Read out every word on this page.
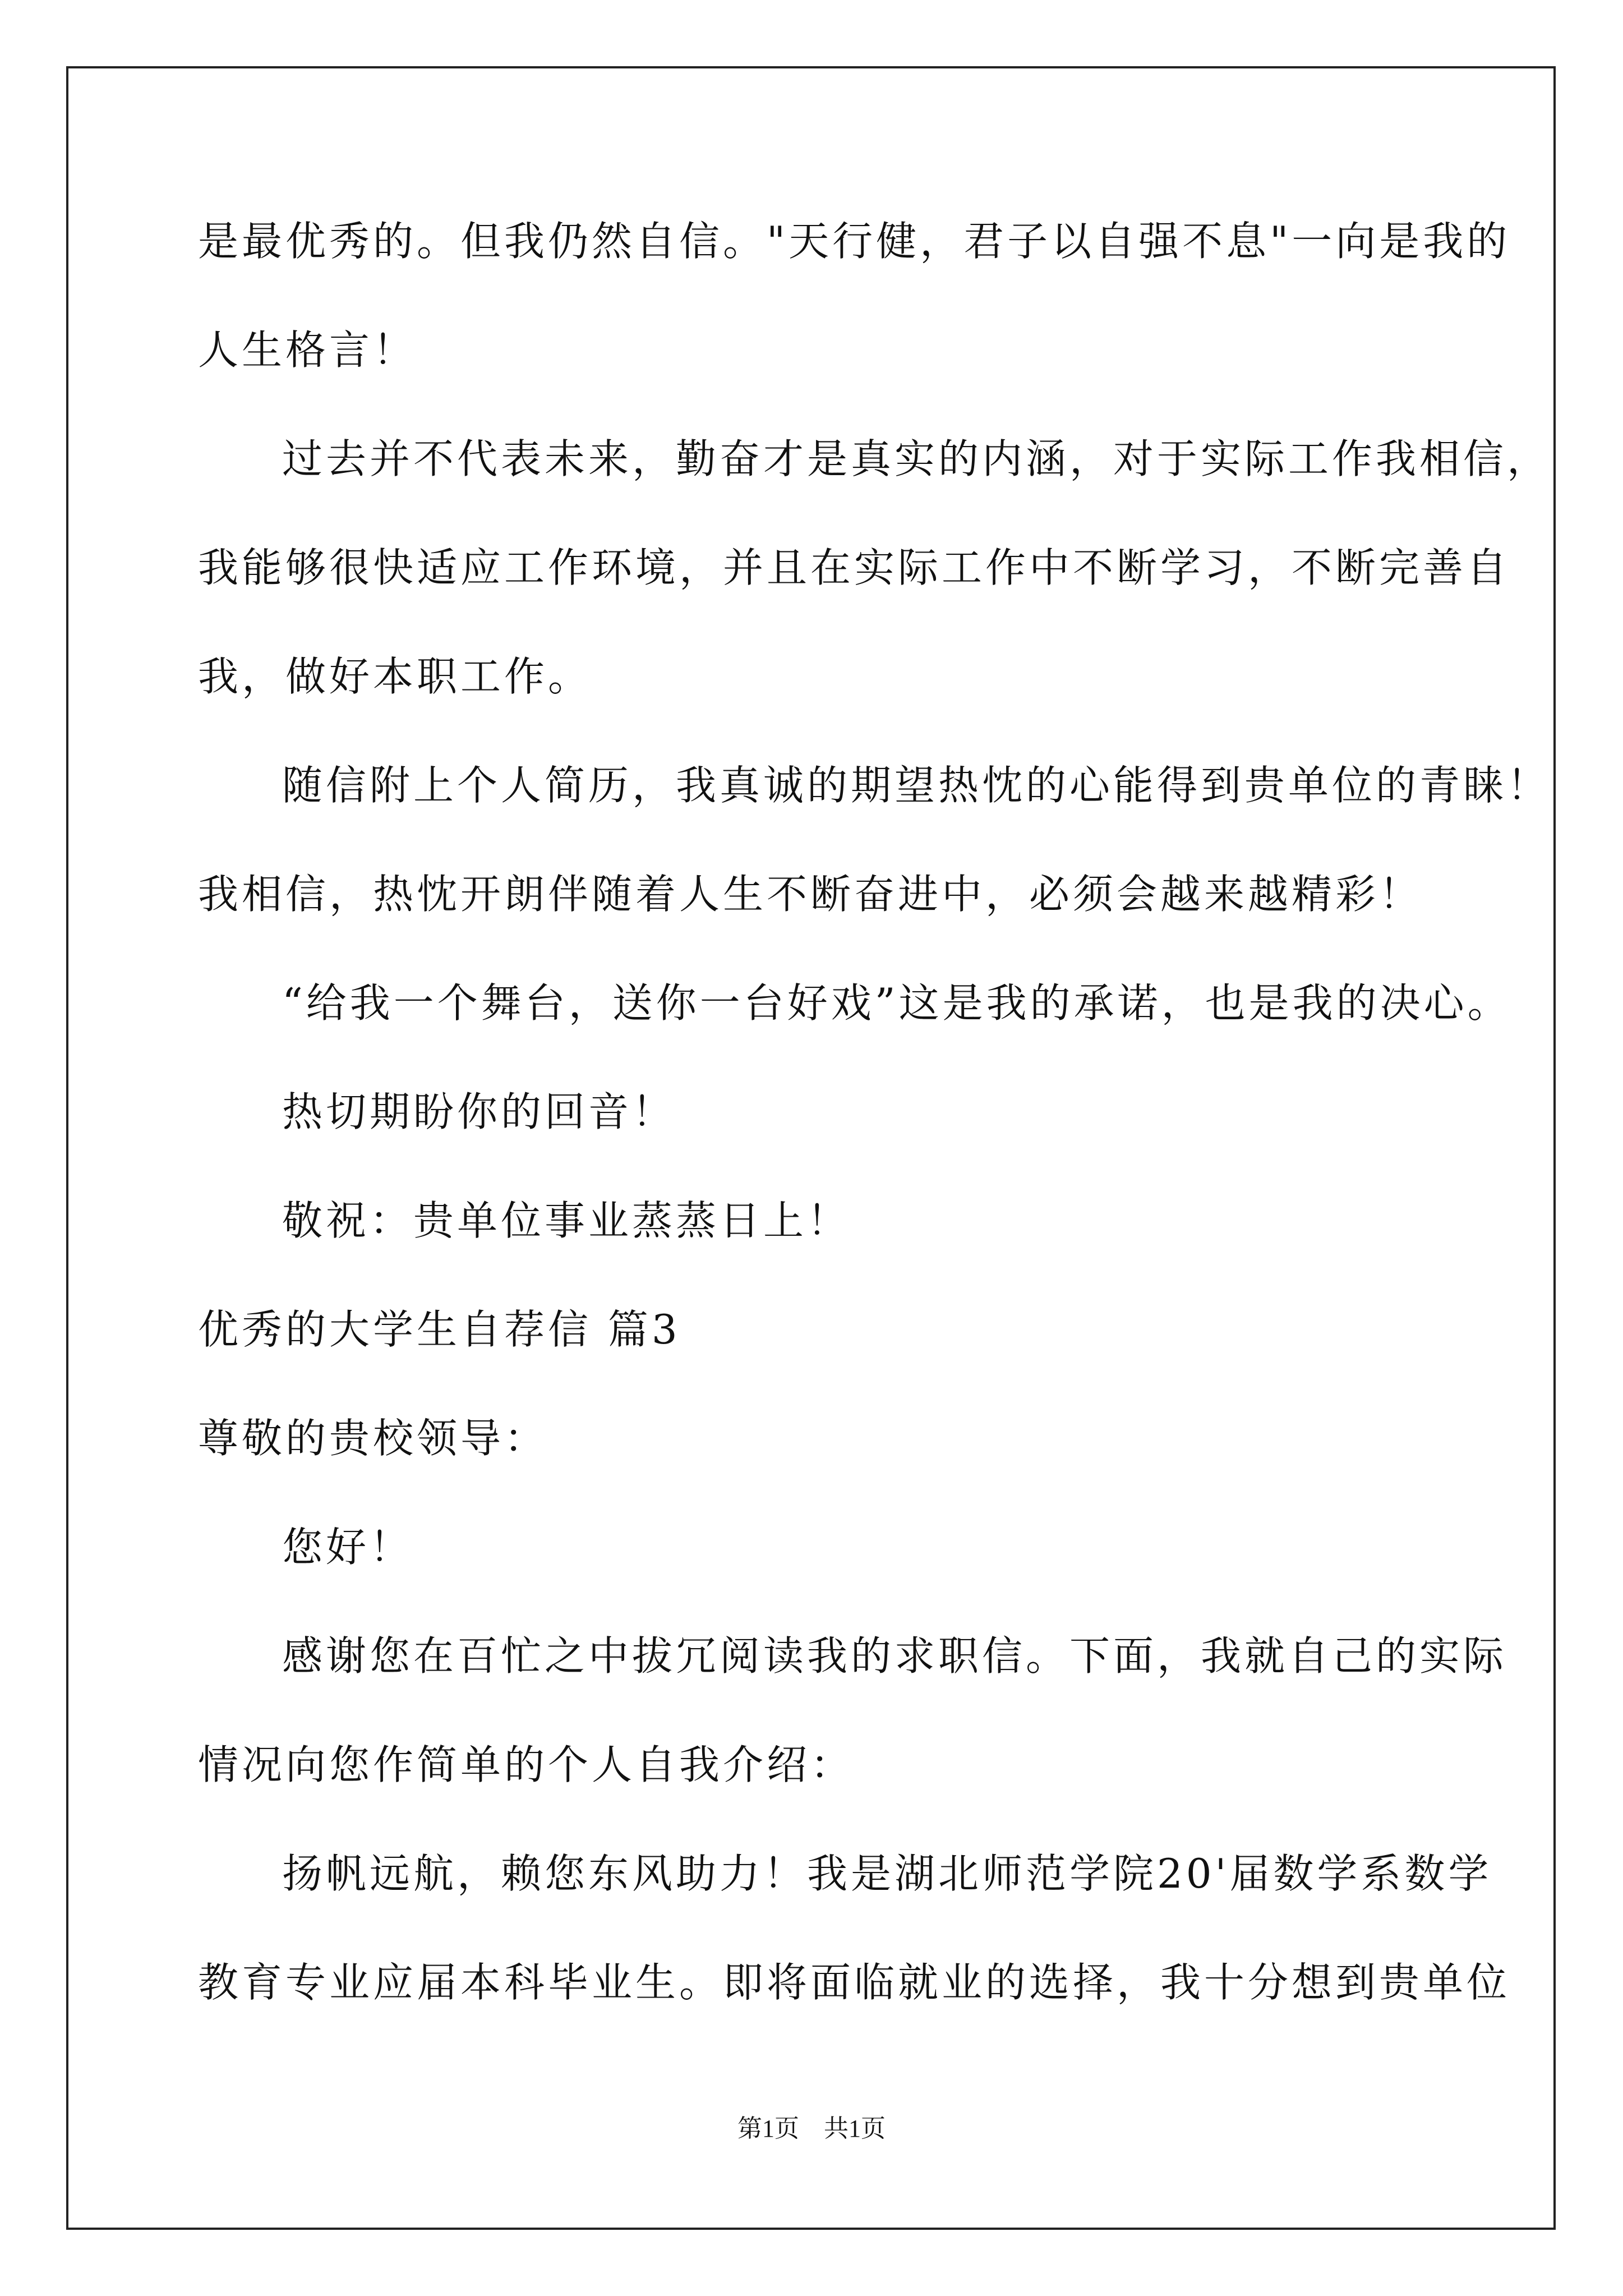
是最优秀的。但我仍然自信。"天行健，君子以自强不息"一向是我的
人生格言！
过去并不代表未来，勤奋才是真实的内涵，对于实际工作我相信，
我能够很快适应工作环境，并且在实际工作中不断学习，不断完善自
我，做好本职工作。
随信附上个人简历，我真诚的期望热忱的心能得到贵单位的青睐！
我相信，热忱开朗伴随着人生不断奋进中，必须会越来越精彩！
“给我一个舞台，送你一台好戏”这是我的承诺，也是我的决心。
热切期盼你的回音！
敬祝：贵单位事业蒸蒸日上！
优秀的大学生自荐信 篇3
尊敬的贵校领导：
您好！
感谢您在百忙之中拔冗阅读我的求职信。下面，我就自己的实际
情况向您作简单的个人自我介绍：
扬帆远航，赖您东风助力！我是湖北师范学院20'届数学系数学
教育专业应届本科毕业生。即将面临就业的选择，我十分想到贵单位
第1页　共1页
